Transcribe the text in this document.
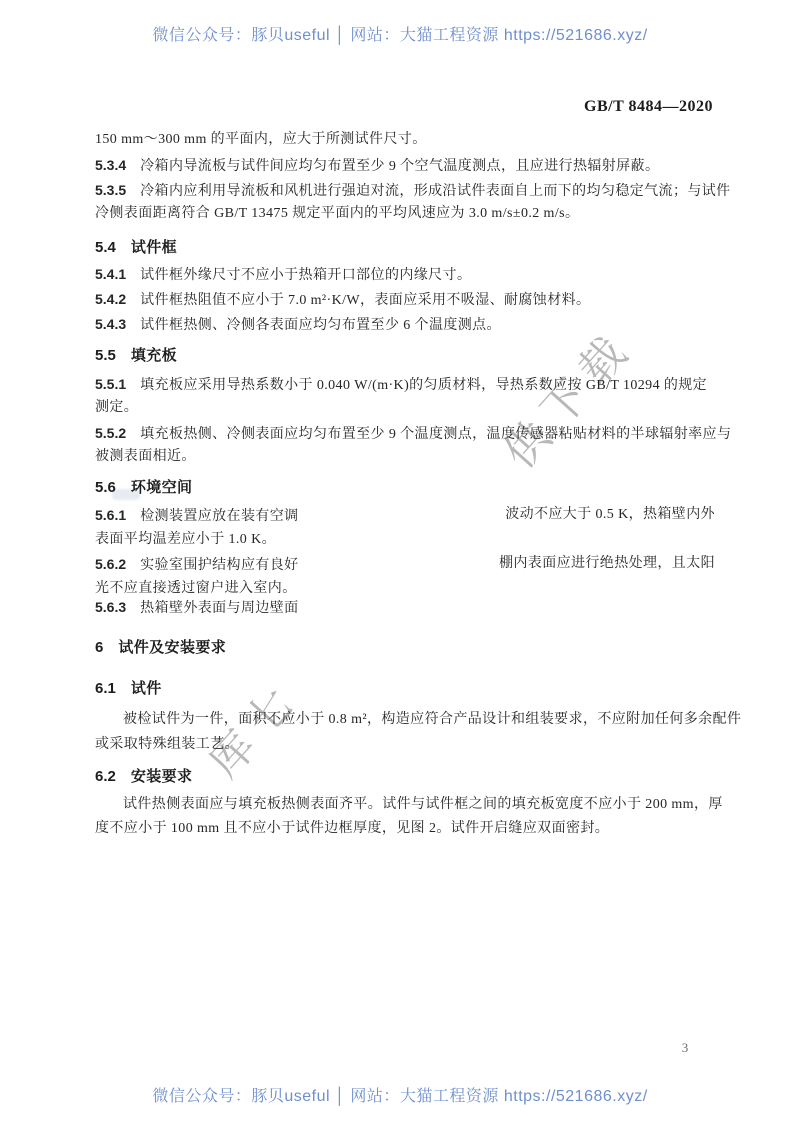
微信公众号：豚贝useful │ 网站：大猫工程资源 https://521686.xyz/
GB/T 8484—2020
供下载
库七
150 mm～300 mm 的平面内，应大于所测试件尺寸。
5.3.4 冷箱内导流板与试件间应均匀布置至少 9 个空气温度测点，且应进行热辐射屏蔽。
5.3.5 冷箱内应利用导流板和风机进行强迫对流，形成沿试件表面自上而下的均匀稳定气流；与试件
冷侧表面距离符合 GB/T 13475 规定平面内的平均风速应为 3.0 m/s±0.2 m/s。
5.4 试件框
5.4.1 试件框外缘尺寸不应小于热箱开口部位的内缘尺寸。
5.4.2 试件框热阻值不应小于 7.0 m²·K/W，表面应采用不吸湿、耐腐蚀材料。
5.4.3 试件框热侧、冷侧各表面应均匀布置至少 6 个温度测点。
5.5 填充板
5.5.1 填充板应采用导热系数小于 0.040 W/(m·K)的匀质材料，导热系数应按 GB/T 10294 的规定
测定。
5.5.2 填充板热侧、冷侧表面应均匀布置至少 9 个温度测点，温度传感器粘贴材料的半球辐射率应与
被测表面相近。
5.6 环境空间
5.6.1 检测装置应放在装有空调	波动不应大于 0.5 K，热箱壁内外
表面平均温差应小于 1.0 K。
5.6.2 实验室围护结构应有良好	棚内表面应进行绝热处理，且太阳
光不应直接透过窗户进入室内。
5.6.3 热箱壁外表面与周边壁面
6 试件及安装要求
6.1 试件
被检试件为一件，面积不应小于 0.8 m²，构造应符合产品设计和组装要求，不应附加任何多余配件
或采取特殊组装工艺。
6.2 安装要求
试件热侧表面应与填充板热侧表面齐平。试件与试件框之间的填充板宽度不应小于 200 mm，厚
度不应小于 100 mm 且不应小于试件边框厚度，见图 2。试件开启缝应双面密封。
3
微信公众号：豚贝useful │ 网站：大猫工程资源 https://521686.xyz/
